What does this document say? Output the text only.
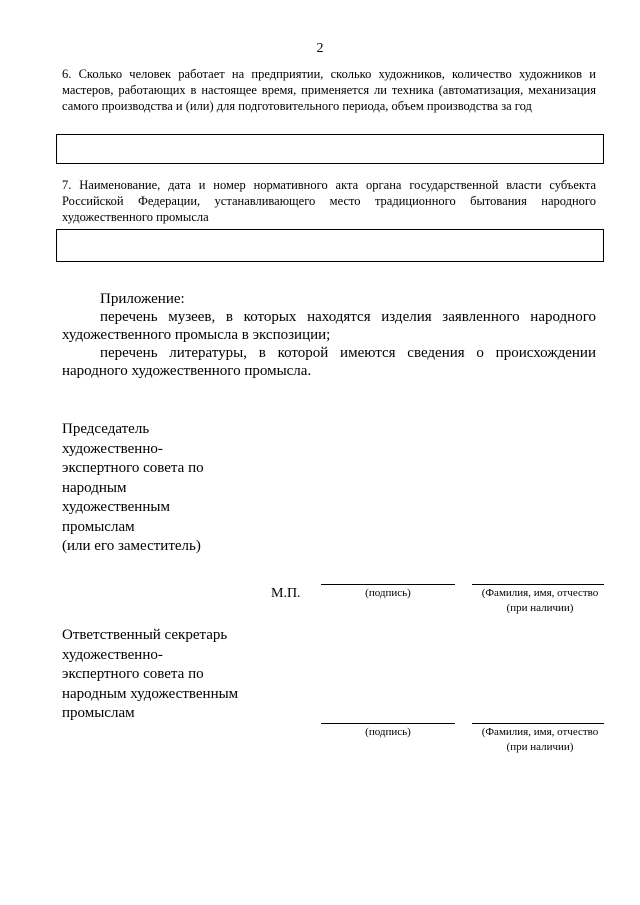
2
6. Сколько человек работает на предприятии, сколько художников, количество художников и мастеров, работающих в настоящее время, применяется ли техника (автоматизация, механизация самого производства и (или) для подготовительного периода, объем производства за год
7. Наименование, дата и номер нормативного акта органа государственной власти субъекта Российской Федерации, устанавливающего место традиционного бытования народного художественного промысла

Приложение:

перечень музеев, в которых находятся изделия заявленного народного художественного промысла в экспозиции;

перечень литературы, в которой имеются сведения о происхождении народного художественного промысла.

Председатель
художественно-
экспертного совета по
народным
художественным
промыслам
(или его заместитель)
М.П.	(подпись)	(Фамилия, имя, отчество
(при наличии)
Ответственный секретарь
художественно-
экспертного совета по
народным художественным
промыслам
(подпись)	(Фамилия, имя, отчество
(при наличии)
